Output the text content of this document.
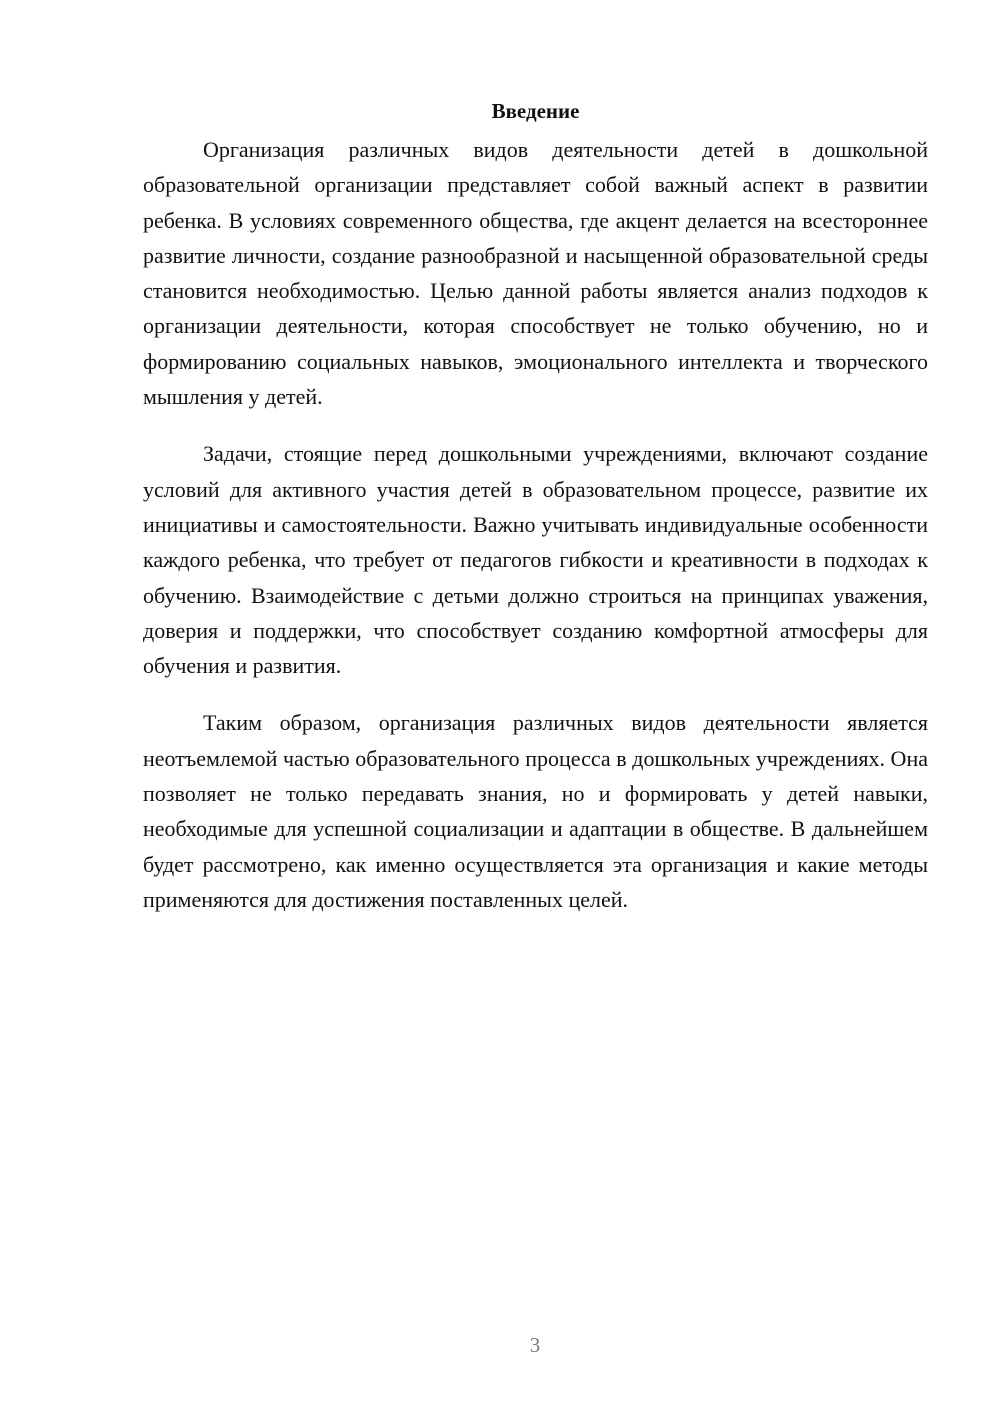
Введение

Организация различных видов деятельности детей в дошкольной образовательной организации представляет собой важный аспект в развитии ребенка. В условиях современного общества, где акцент делается на всестороннее развитие личности, создание разнообразной и насыщенной образовательной среды становится необходимостью. Целью данной работы является анализ подходов к организации деятельности, которая способствует не только обучению, но и формированию социальных навыков, эмоционального интеллекта и творческого мышления у детей.

Задачи, стоящие перед дошкольными учреждениями, включают создание условий для активного участия детей в образовательном процессе, развитие их инициативы и самостоятельности. Важно учитывать индивидуальные особенности каждого ребенка, что требует от педагогов гибкости и креативности в подходах к обучению. Взаимодействие с детьми должно строиться на принципах уважения, доверия и поддержки, что способствует созданию комфортной атмосферы для обучения и развития.

Таким образом, организация различных видов деятельности является неотъемлемой частью образовательного процесса в дошкольных учреждениях. Она позволяет не только передавать знания, но и формировать у детей навыки, необходимые для успешной социализации и адаптации в обществе. В дальнейшем будет рассмотрено, как именно осуществляется эта организация и какие методы применяются для достижения поставленных целей.

3
